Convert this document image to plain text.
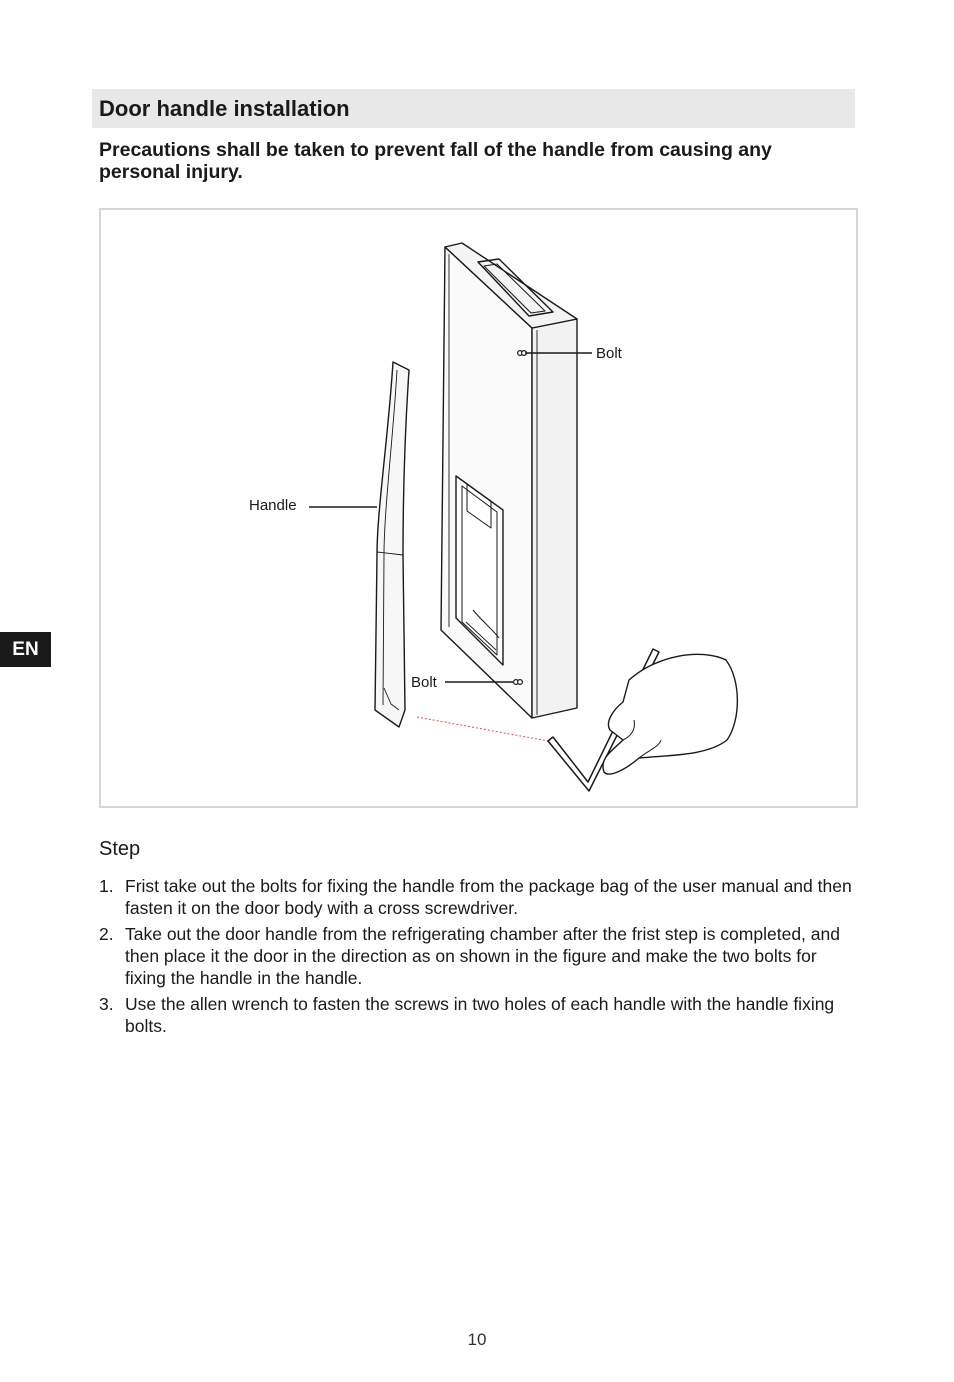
Door handle installation

Precautions shall be taken to prevent fall of the handle from causing any personal injury.

Bolt
Handle
Bolt
Step
1. Frist take out the bolts for fixing the handle from the package bag of the user manual and then fasten it on the door body with a cross screwdriver.
2. Take out the door handle from the refrigerating chamber after the frist step is completed, and then place it the door in the direction as on shown in the figure and make the two bolts for fixing the handle in the handle.
3. Use the allen wrench to fasten the screws in two holes of each handle with the handle fixing bolts.
EN
10
